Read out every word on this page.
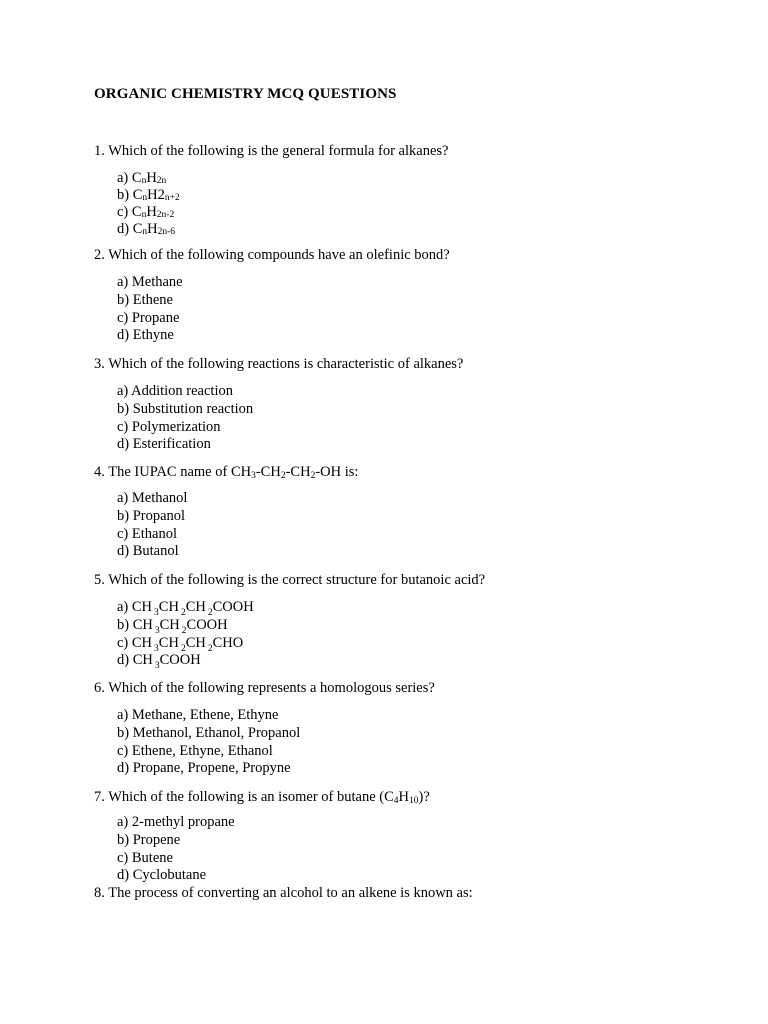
ORGANIC CHEMISTRY MCQ QUESTIONS

1. Which of the following is the general formula for alkanes?

a) CnH2n
b) CnH2n+2
c) CnH2n-2
d) CnH2n-6

2. Which of the following compounds have an olefinic bond?

a) Methane
b) Ethene
c) Propane
d) Ethyne

3. Which of the following reactions is characteristic of alkanes?

a) Addition reaction
b) Substitution reaction
c) Polymerization
d) Esterification

4. The IUPAC name of $CH_3-CH_2-CH_2-OH$ is:

a) Methanol
b) Propanol
c) Ethanol
d) Butanol

5. Which of the following is the correct structure for butanoic acid?

a) CH $_3$CH $_2$CH $_2$COOH
b) CH $_3$CH $_2$COOH
c) CH $_3$CH $_2$CH $_2$CHO
d) CH $_3$COOH

6. Which of the following represents a homologous series?

a) Methane, Ethene, Ethyne
b) Methanol, Ethanol, Propanol
c) Ethene, Ethyne, Ethanol
d) Propane, Propene, Propyne

7. Which of the following is an isomer of butane $(C_4H_{10})$?

a) 2-methyl propane
b) Propene
c) Butene
d) Cyclobutane

8. The process of converting an alcohol to an alkene is known as:
